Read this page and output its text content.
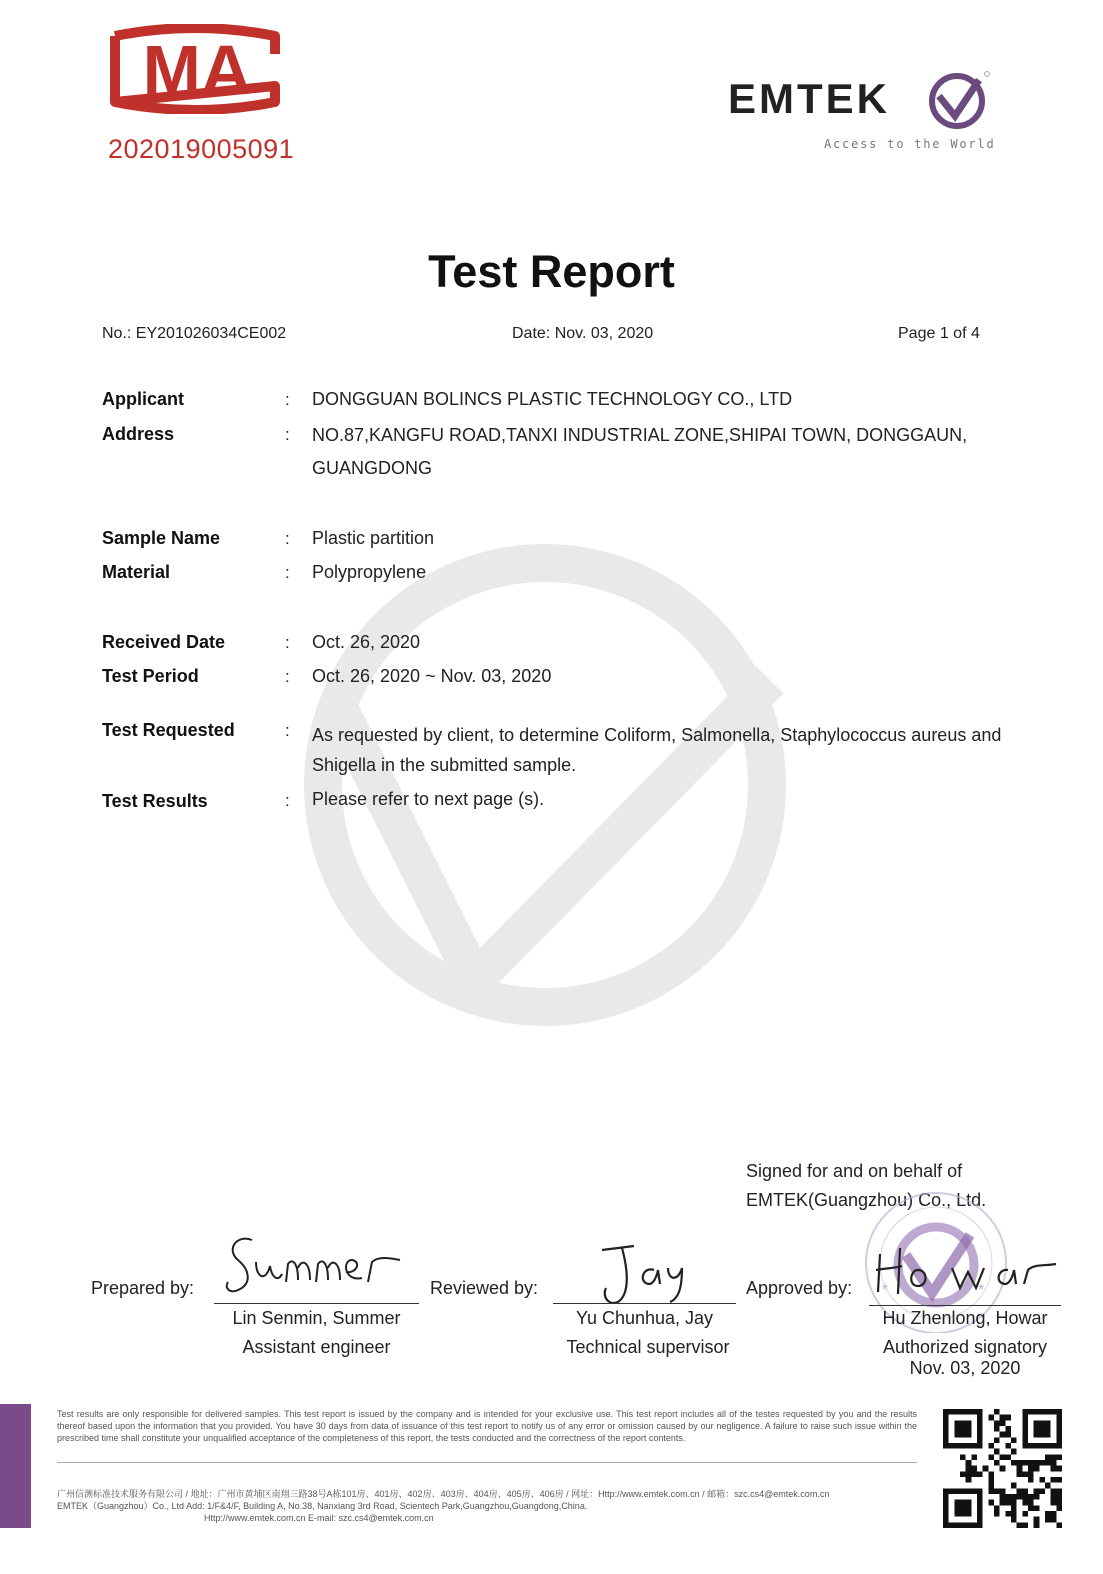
MA
202019005091
EMTEK
Access to the World
Test Report
No.: EY201026034CE002	Date: Nov. 03, 2020	Page 1 of 4
Applicant	: DONGGUAN BOLINCS PLASTIC TECHNOLOGY CO., LTD
Address	: NO.87,KANGFU ROAD,TANXI INDUSTRIAL ZONE,SHIPAI TOWN, DONGGAUN, GUANGDONG
Sample Name	: Plastic partition
Material	: Polypropylene
Received Date	: Oct. 26, 2020
Test Period	: Oct. 26, 2020 ~ Nov. 03, 2020
Test Requested	: As requested by client, to determine Coliform, Salmonella, Staphylococcus aureus and Shigella in the submitted sample.
Test Results	: Please refer to next page (s).
Signed for and on behalf of
EMTEK(Guangzhou) Co., Ltd.
*	*
Prepared by:
Lin Senmin, Summer
Assistant engineer
Reviewed by:
Yu Chunhua, Jay
Technical supervisor
Approved by:
Hu Zhenlong, Howar
Authorized signatory
Nov. 03, 2020
Test results are only responsible for delivered samples. This test report is issued by the company and is intended for your exclusive use. This test report includes all of the testes requested by you and the results thereof based upon the information that you provided. You have 30 days from data of issuance of this test report to notify us of any error or omission caused by our negligence. A failure to raise such issue within the prescribed time shall constitute your unqualified acceptance of the completeness of this report, the tests conducted and the correctness of the report contents.
广州信测标准技术服务有限公司 / 地址：广州市黄埔区南翔三路38号A栋101房、401房、402房、403房、404房、405房、406房 / 网址：Http://www.emtek.com.cn / 邮箱：szc.cs4@emtek.com.cn
EMTEK（Guangzhou）Co., Ltd Add: 1/F&4/F, Building A, No.38, Nanxiang 3rd Road, Scientech Park,Guangzhou,Guangdong,China.
Http://www.emtek.com.cn E-mail: szc.cs4@emtek.com.cn
